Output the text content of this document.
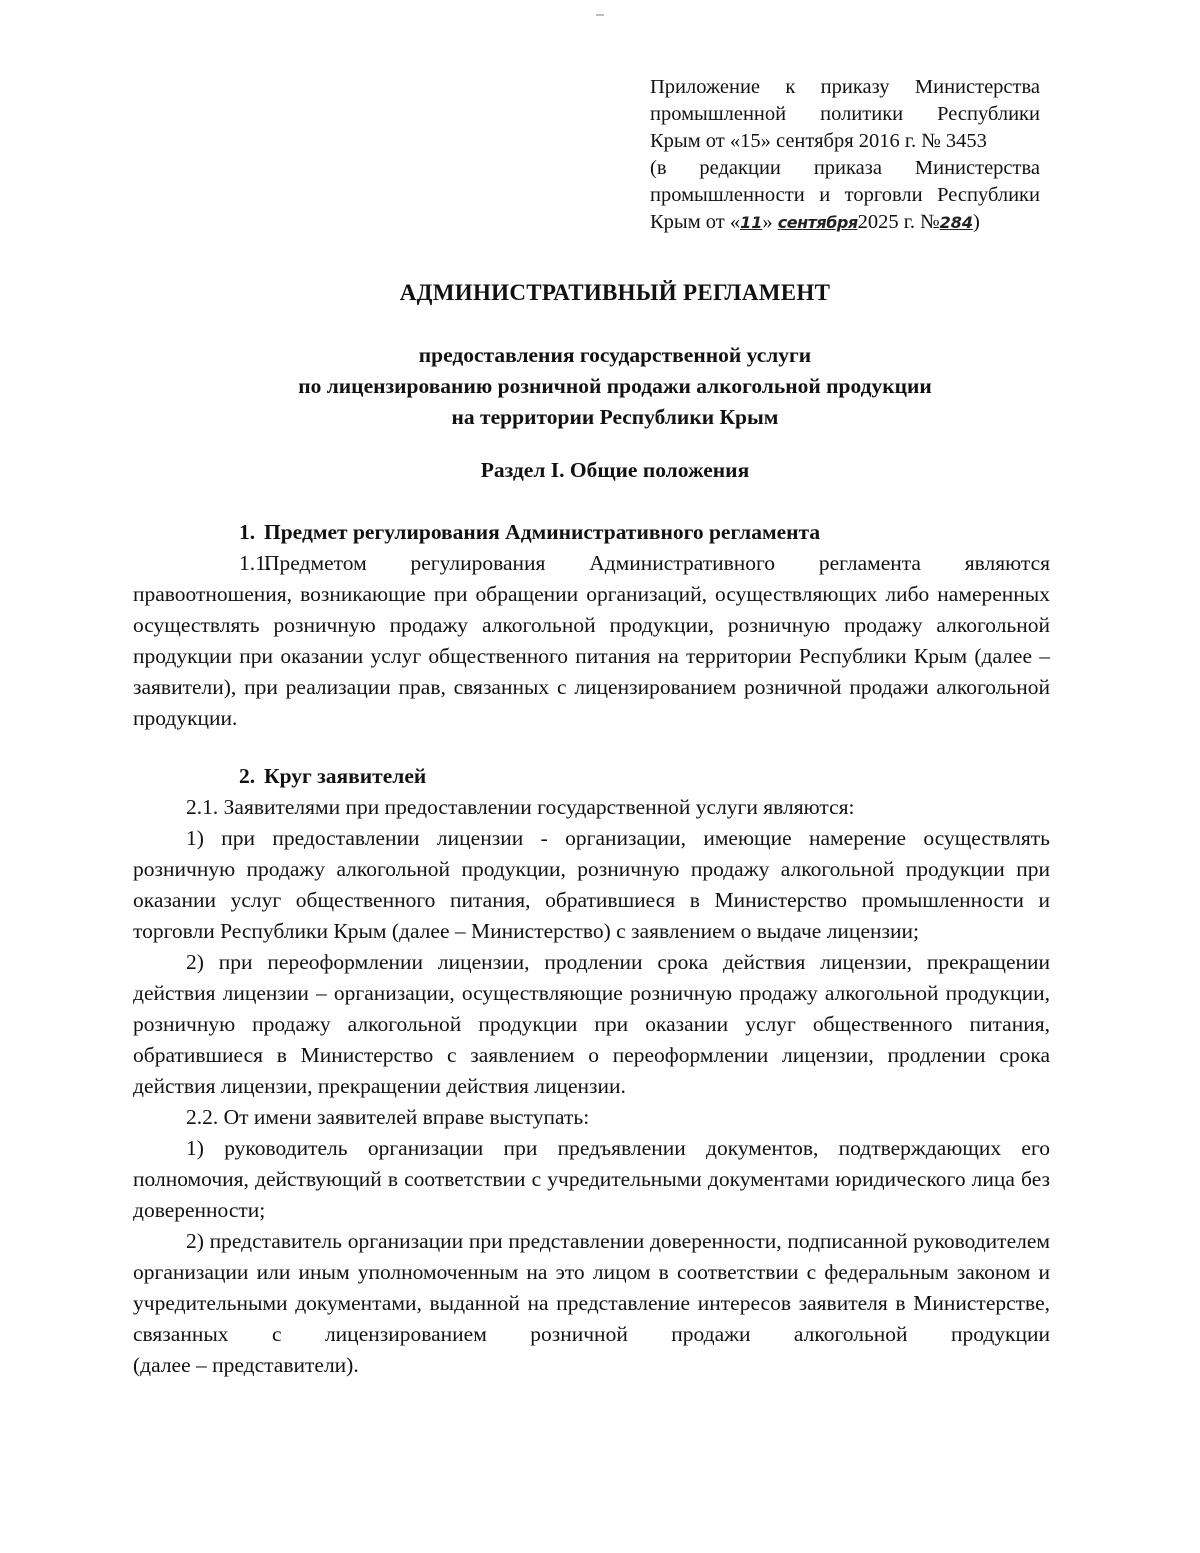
Приложение к приказу Министерства
промышленной политики Республики
Крым от «15» сентября 2016 г. № 3453
(в редакции приказа Министерства
промышленности и торговли Республики
Крым от «11» сентября2025 г. №284)
АДМИНИСТРАТИВНЫЙ РЕГЛАМЕНТ
предоставления государственной услуги
по лицензированию розничной продажи алкогольной продукции
на территории Республики Крым
Раздел I. Общие положения

1. Предмет регулирования Административного регламента

1.1.Предметом регулирования Административного регламента являются правоотношения, возникающие при обращении организаций, осуществляющих либо намеренных осуществлять розничную продажу алкогольной продукции, розничную продажу алкогольной продукции при оказании услуг общественного питания на территории Республики Крым (далее – заявители), при реализации прав, связанных с лицензированием розничной продажи алкогольной продукции.

2. Круг заявителей

2.1. Заявителями при предоставлении государственной услуги являются:

1) при предоставлении лицензии - организации, имеющие намерение осуществлять розничную продажу алкогольной продукции, розничную продажу алкогольной продукции при оказании услуг общественного питания, обратившиеся в Министерство промышленности и торговли Республики Крым (далее – Министерство) с заявлением о выдаче лицензии;

2) при переоформлении лицензии, продлении срока действия лицензии, прекращении действия лицензии – организации, осуществляющие розничную продажу алкогольной продукции, розничную продажу алкогольной продукции при оказании услуг общественного питания, обратившиеся в Министерство с заявлением о переоформлении лицензии, продлении срока действия лицензии, прекращении действия лицензии.

2.2. От имени заявителей вправе выступать:

1) руководитель организации при предъявлении документов, подтверждающих его полномочия, действующий в соответствии с учредительными документами юридического лица без доверенности;

2) представитель организации при представлении доверенности, подписанной руководителем организации или иным уполномоченным на это лицом в соответствии с федеральным законом и учредительными документами, выданной на представление интересов заявителя в Министерстве, связанных с лицензированием розничной продажи алкогольной продукции

(далее – представители).
